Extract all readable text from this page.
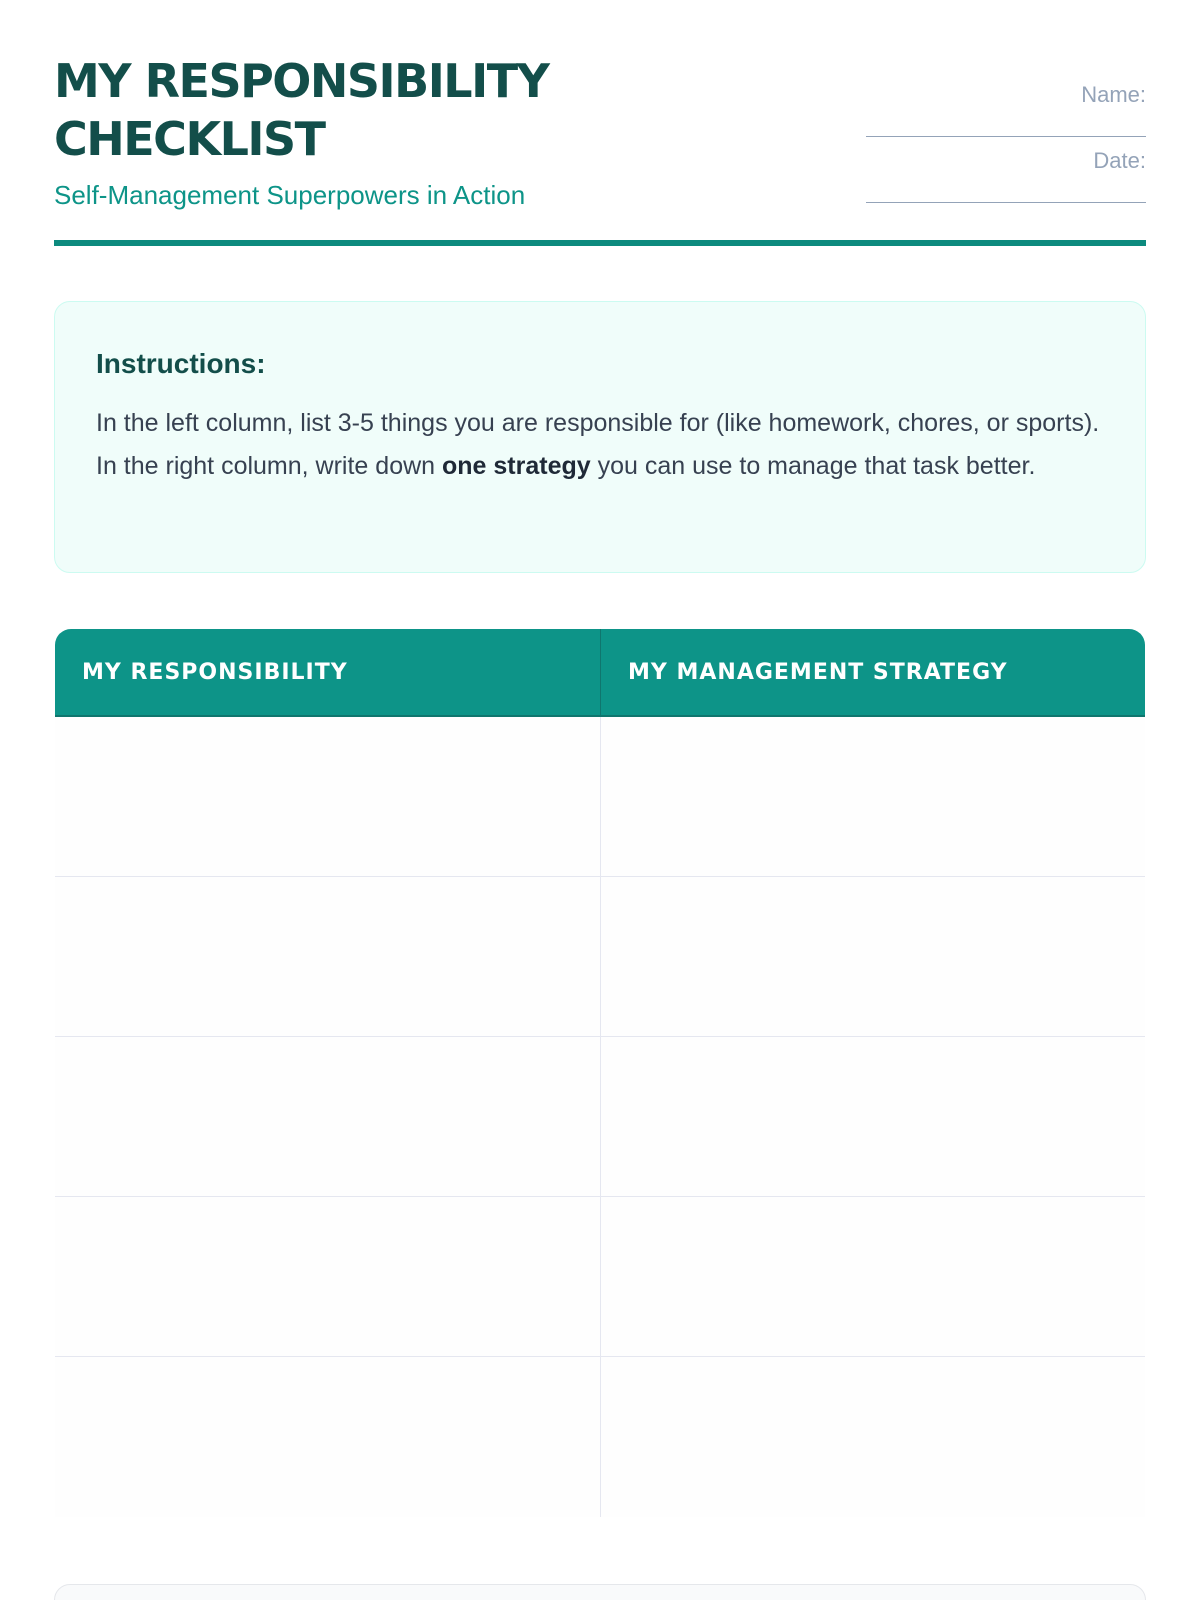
MY RESPONSIBILITY CHECKLIST

Self-Management Superpowers in Action

Name:
Date:
Instructions:

In the left column, list 3-5 things you are responsible for (like homework, chores, or sports). In the right column, write down one strategy you can use to manage that task better.

MY RESPONSIBILITY	MY MANAGEMENT STRATEGY
